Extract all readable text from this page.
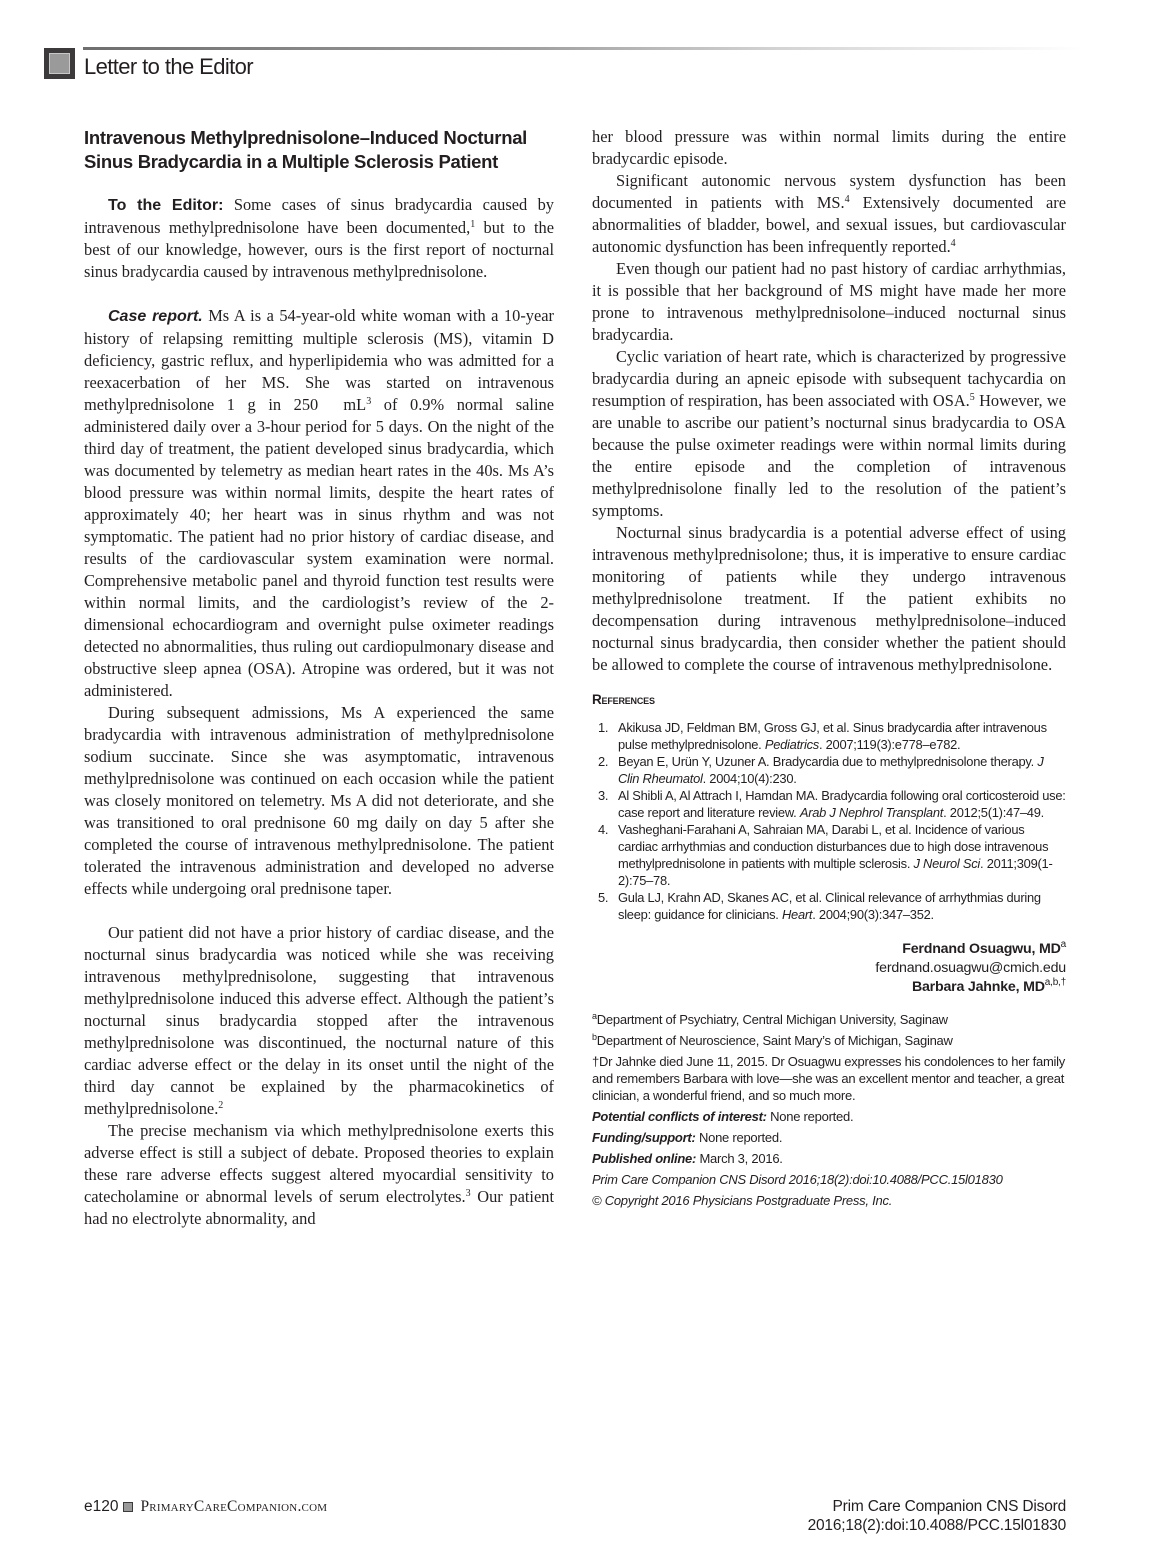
Letter to the Editor
Intravenous Methylprednisolone–Induced Nocturnal Sinus Bradycardia in a Multiple Sclerosis Patient

To the Editor: Some cases of sinus bradycardia caused by intravenous methylprednisolone have been documented,$^1$ but to the best of our knowledge, however, ours is the first report of nocturnal sinus bradycardia caused by intravenous methylprednisolone.

Case report. Ms A is a 54-year-old white woman with a 10-year history of relapsing remitting multiple sclerosis (MS), vitamin D deficiency, gastric reflux, and hyperlipidemia who was admitted for a reexacerbation of her MS. She was started on intravenous methylprednisolone 1 g in 250  $mL^3$ of 0.9% normal saline administered daily over a 3-hour period for 5 days. On the night of the third day of treatment, the patient developed sinus bradycardia, which was documented by telemetry as median heart rates in the 40s. Ms A’s blood pressure was within normal limits, despite the heart rates of approximately 40; her heart was in sinus rhythm and was not symptomatic. The patient had no prior history of cardiac disease, and results of the cardiovascular system examination were normal. Comprehensive metabolic panel and thyroid function test results were within normal limits, and the cardiologist’s review of the 2-dimensional echocardiogram and overnight pulse oximeter readings detected no abnormalities, thus ruling out cardiopulmonary disease and obstructive sleep apnea (OSA). Atropine was ordered, but it was not administered.

During subsequent admissions, Ms A experienced the same bradycardia with intravenous administration of methylprednisolone sodium succinate. Since she was asymptomatic, intravenous methylprednisolone was continued on each occasion while the patient was closely monitored on telemetry. Ms A did not deteriorate, and she was transitioned to oral prednisone 60 mg daily on day 5 after she completed the course of intravenous methylprednisolone. The patient tolerated the intravenous administration and developed no adverse effects while undergoing oral prednisone taper.

Our patient did not have a prior history of cardiac disease, and the nocturnal sinus bradycardia was noticed while she was receiving intravenous methylprednisolone, suggesting that intravenous methylprednisolone induced this adverse effect. Although the patient’s nocturnal sinus bradycardia stopped after the intravenous methylprednisolone was discontinued, the nocturnal nature of this cardiac adverse effect or the delay in its onset until the night of the third day cannot be explained by the pharmacokinetics of methylprednisolone.$^2$

The precise mechanism via which methylprednisolone exerts this adverse effect is still a subject of debate. Proposed theories to explain these rare adverse effects suggest altered myocardial sensitivity to catecholamine or abnormal levels of serum electrolytes.$^3$ Our patient had no electrolyte abnormality, and

her blood pressure was within normal limits during the entire bradycardic episode.

Significant autonomic nervous system dysfunction has been documented in patients with MS.$^4$ Extensively documented are abnormalities of bladder, bowel, and sexual issues, but cardiovascular autonomic dysfunction has been infrequently reported.$^4$

Even though our patient had no past history of cardiac arrhythmias, it is possible that her background of MS might have made her more prone to intravenous methylprednisolone–induced nocturnal sinus bradycardia.

Cyclic variation of heart rate, which is characterized by progressive bradycardia during an apneic episode with subsequent tachycardia on resumption of respiration, has been associated with OSA.$^5$ However, we are unable to ascribe our patient’s nocturnal sinus bradycardia to OSA because the pulse oximeter readings were within normal limits during the entire episode and the completion of intravenous methylprednisolone finally led to the resolution of the patient’s symptoms.

Nocturnal sinus bradycardia is a potential adverse effect of using intravenous methylprednisolone; thus, it is imperative to ensure cardiac monitoring of patients while they undergo intravenous methylprednisolone treatment. If the patient exhibits no decompensation during intravenous methylprednisolone–induced nocturnal sinus bradycardia, then consider whether the patient should be allowed to complete the course of intravenous methylprednisolone.

References
1. Akikusa JD, Feldman BM, Gross GJ, et al. Sinus bradycardia after intravenous pulse methylprednisolone. Pediatrics. 2007;119(3):e778–e782.
2. Beyan E, Urün Y, Uzuner A. Bradycardia due to methylprednisolone therapy. J Clin Rheumatol. 2004;10(4):230.
3. Al Shibli A, Al Attrach I, Hamdan MA. Bradycardia following oral corticosteroid use: case report and literature review. Arab J Nephrol Transplant. 2012;5(1):47–49.
4. Vasheghani-Farahani A, Sahraian MA, Darabi L, et al. Incidence of various cardiac arrhythmias and conduction disturbances due to high dose intravenous methylprednisolone in patients with multiple sclerosis. J Neurol Sci. 2011;309(1-2):75–78.
5. Gula LJ, Krahn AD, Skanes AC, et al. Clinical relevance of arrhythmias during sleep: guidance for clinicians. Heart. 2004;90(3):347–352.
Ferdnand Osuagwu, $MD^a$
ferdnand.osuagwu@cmich.edu
Barbara Jahnke, $MD^{a,b,\dagger}$

$^a$Department of Psychiatry, Central Michigan University, Saginaw

$^b$Department of Neuroscience, Saint Mary’s of Michigan, Saginaw

†Dr Jahnke died June 11, 2015. Dr Osuagwu expresses his condolences to her family and remembers Barbara with love—she was an excellent mentor and teacher, a great clinician, a wonderful friend, and so much more.

Potential conflicts of interest: None reported.

Funding/support: None reported.

Published online: March 3, 2016.

Prim Care Companion CNS Disord 2016;18(2):doi:10.4088/PCC.15l01830

© Copyright 2016 Physicians Postgraduate Press, Inc.

e120 PrimaryCareCompanion.com	Prim Care Companion CNS Disord
2016;18(2):doi:10.4088/PCC.15l01830
